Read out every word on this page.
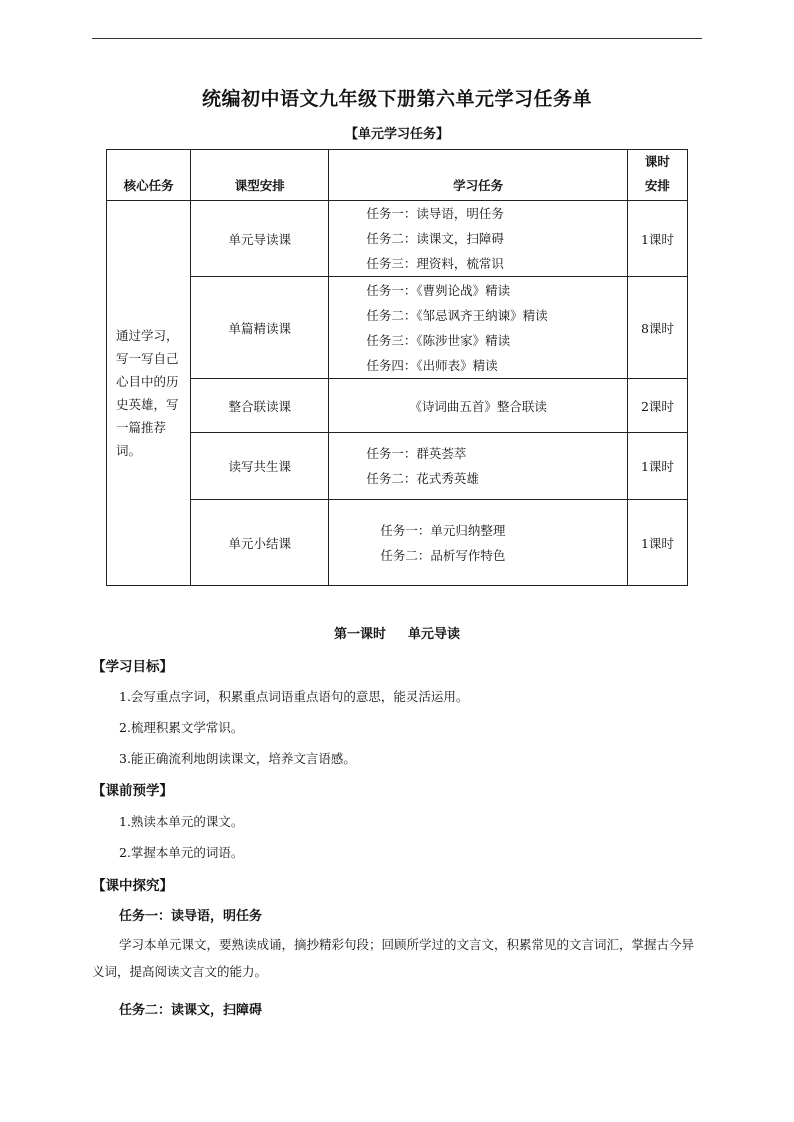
统编初中语文九年级下册第六单元学习任务单
【单元学习任务】
核心任务	课型安排	学习任务	课时
安排

通过学习，写一写自己心目中的历史英雄，写一篇推荐词。	单元导读课	任务一：读导语，明任务
任务二：读课文，扫障碍
任务三：理资料，梳常识	1课时
	单篇精读课	任务一：《曹刿论战》精读
任务二：《邹忌讽齐王纳谏》精读
任务三：《陈涉世家》精读
任务四：《出师表》精读	8课时
	整合联读课	《诗词曲五首》整合联读	2课时
	读写共生课	任务一：群英荟萃
任务二：花式秀英雄	1课时
	单元小结课	任务一：单元归纳整理
任务二：品析写作特色	1课时
第一课时 单元导读
【学习目标】
1.会写重点字词，积累重点词语重点语句的意思，能灵活运用。
2.梳理积累文学常识。
3.能正确流利地朗读课文，培养文言语感。
【课前预学】
1.熟读本单元的课文。
2.掌握本单元的词语。
【课中探究】
任务一：读导语，明任务
学习本单元课文，要熟读成诵，摘抄精彩句段；回顾所学过的文言文，积累常见的文言词汇，掌握古今异义词，提高阅读文言文的能力。
任务二：读课文，扫障碍
